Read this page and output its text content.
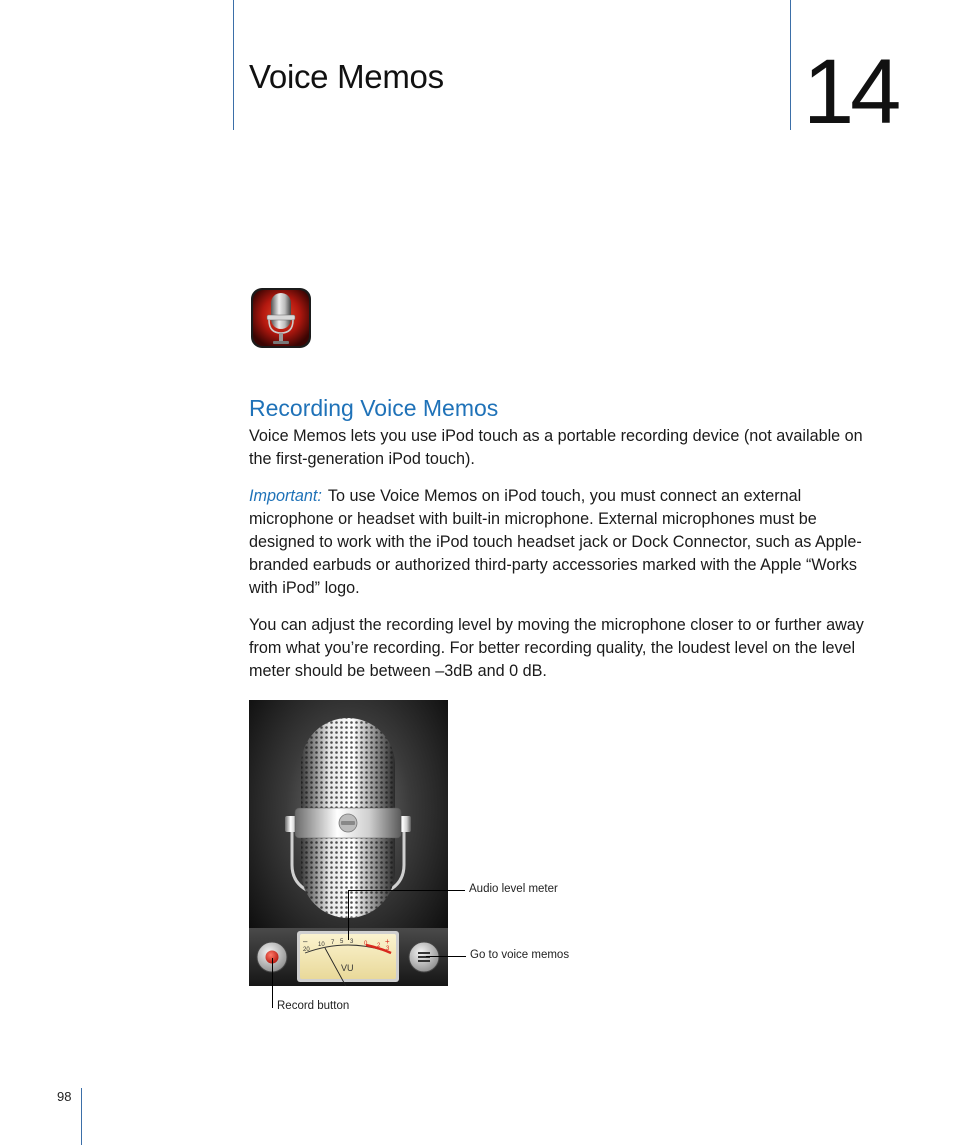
Voice Memos	14
Recording Voice Memos

Voice Memos lets you use iPod touch as a portable recording device (not available on the first-generation iPod touch).

Important: To use Voice Memos on iPod touch, you must connect an external microphone or headset with built-in microphone. External microphones must be designed to work with the iPod touch headset jack or Dock Connector, such as Apple-branded earbuds or authorized third-party accessories marked with the Apple “Works with iPod” logo.

You can adjust the recording level by moving the microphone closer to or further away from what you’re recording. For better recording quality, the loudest level on the level meter should be between –3dB and 0 dB.

–	+
20
10 7 5 3 0 2 3
VU
Audio level meter
Go to voice memos
Record button
98
